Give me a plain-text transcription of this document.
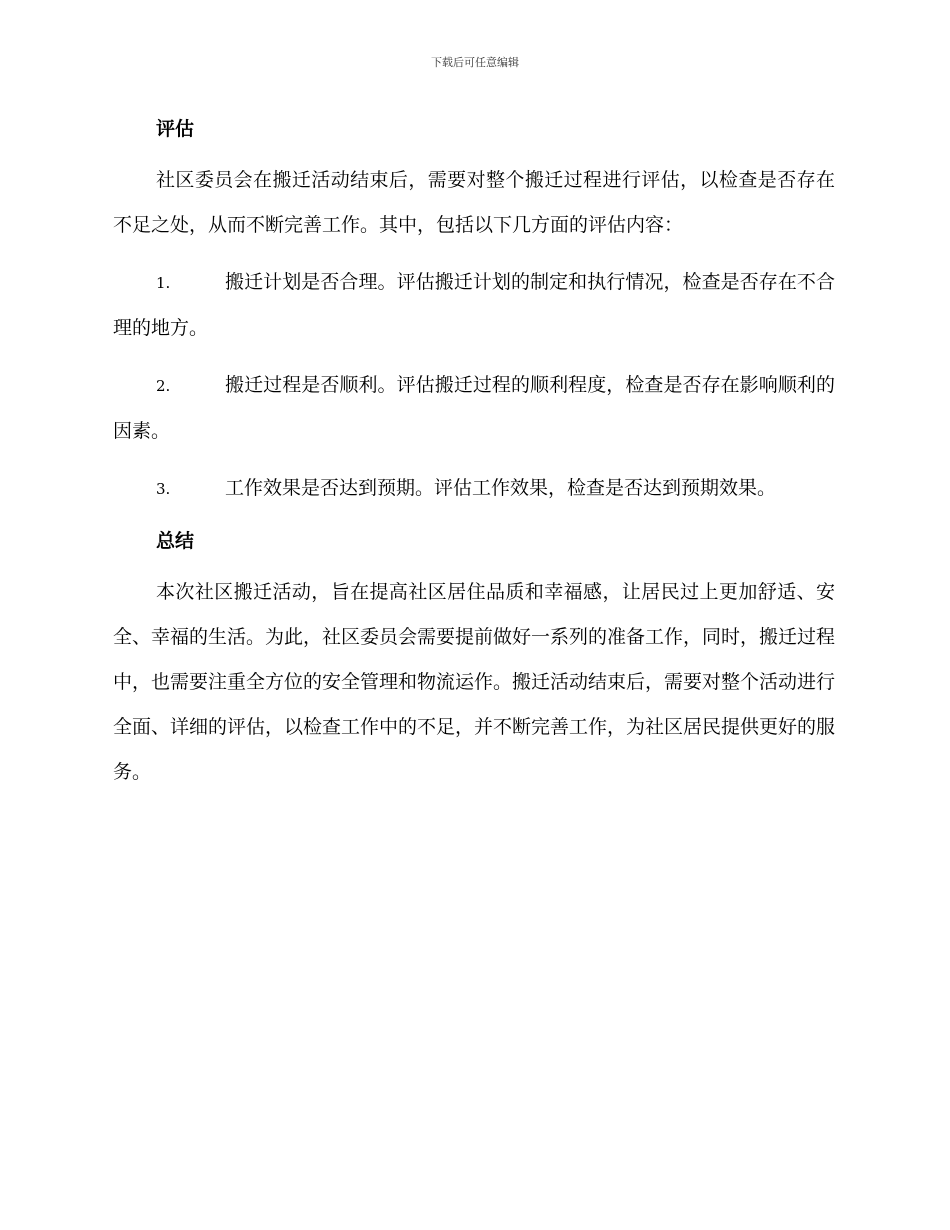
下载后可任意编辑
评估

社区委员会在搬迁活动结束后，需要对整个搬迁过程进行评估，以检查是否存在不足之处，从而不断完善工作。其中，包括以下几方面的评估内容：

1.	搬迁计划是否合理。评估搬迁计划的制定和执行情况，检查是否存在不合理的地方。

2.	搬迁过程是否顺利。评估搬迁过程的顺利程度，检查是否存在影响顺利的因素。

3.	工作效果是否达到预期。评估工作效果，检查是否达到预期效果。

总结

本次社区搬迁活动，旨在提高社区居住品质和幸福感，让居民过上更加舒适、安全、幸福的生活。为此，社区委员会需要提前做好一系列的准备工作，同时，搬迁过程中，也需要注重全方位的安全管理和物流运作。搬迁活动结束后，需要对整个活动进行全面、详细的评估，以检查工作中的不足，并不断完善工作，为社区居民提供更好的服务。
